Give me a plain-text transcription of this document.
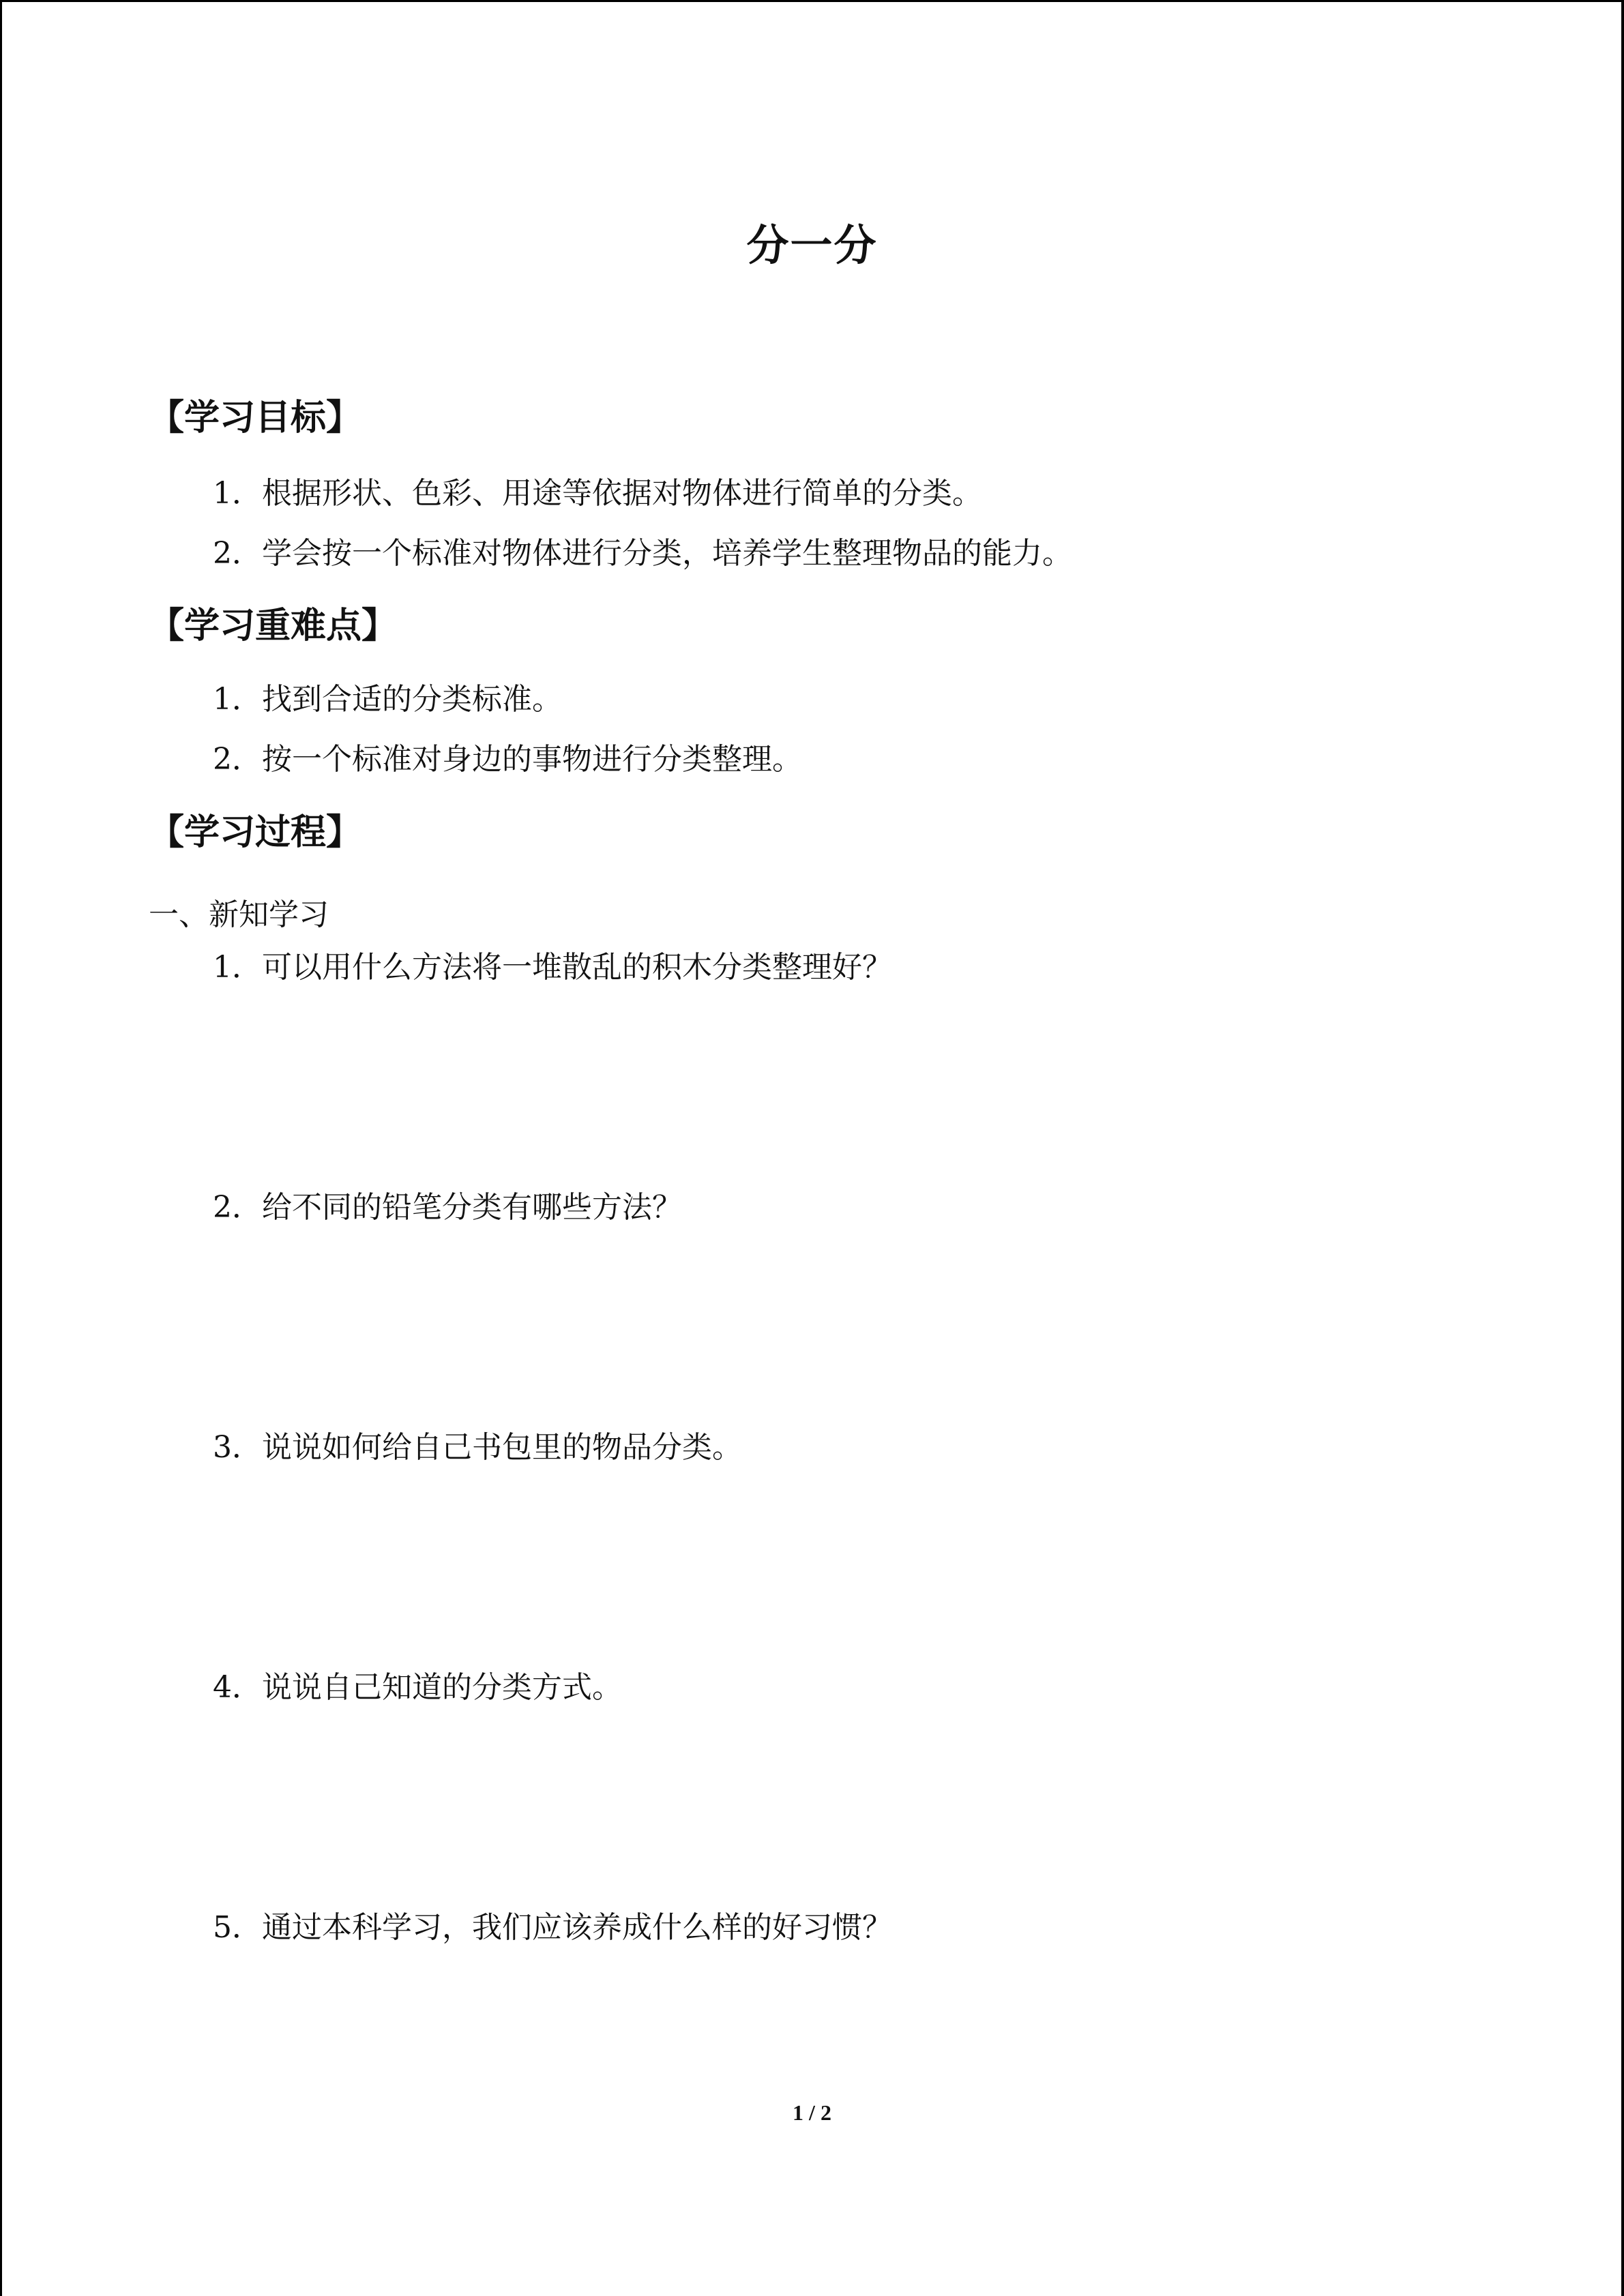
分一分
【学习目标】
1．根据形状、色彩、用途等依据对物体进行简单的分类。
2．学会按一个标准对物体进行分类，培养学生整理物品的能力。
【学习重难点】
1．找到合适的分类标准。
2．按一个标准对身边的事物进行分类整理。
【学习过程】
一、新知学习
1．可以用什么方法将一堆散乱的积木分类整理好？
2．给不同的铅笔分类有哪些方法？
3．说说如何给自己书包里的物品分类。
4．说说自己知道的分类方式。
5．通过本科学习，我们应该养成什么样的好习惯？
1 / 2
